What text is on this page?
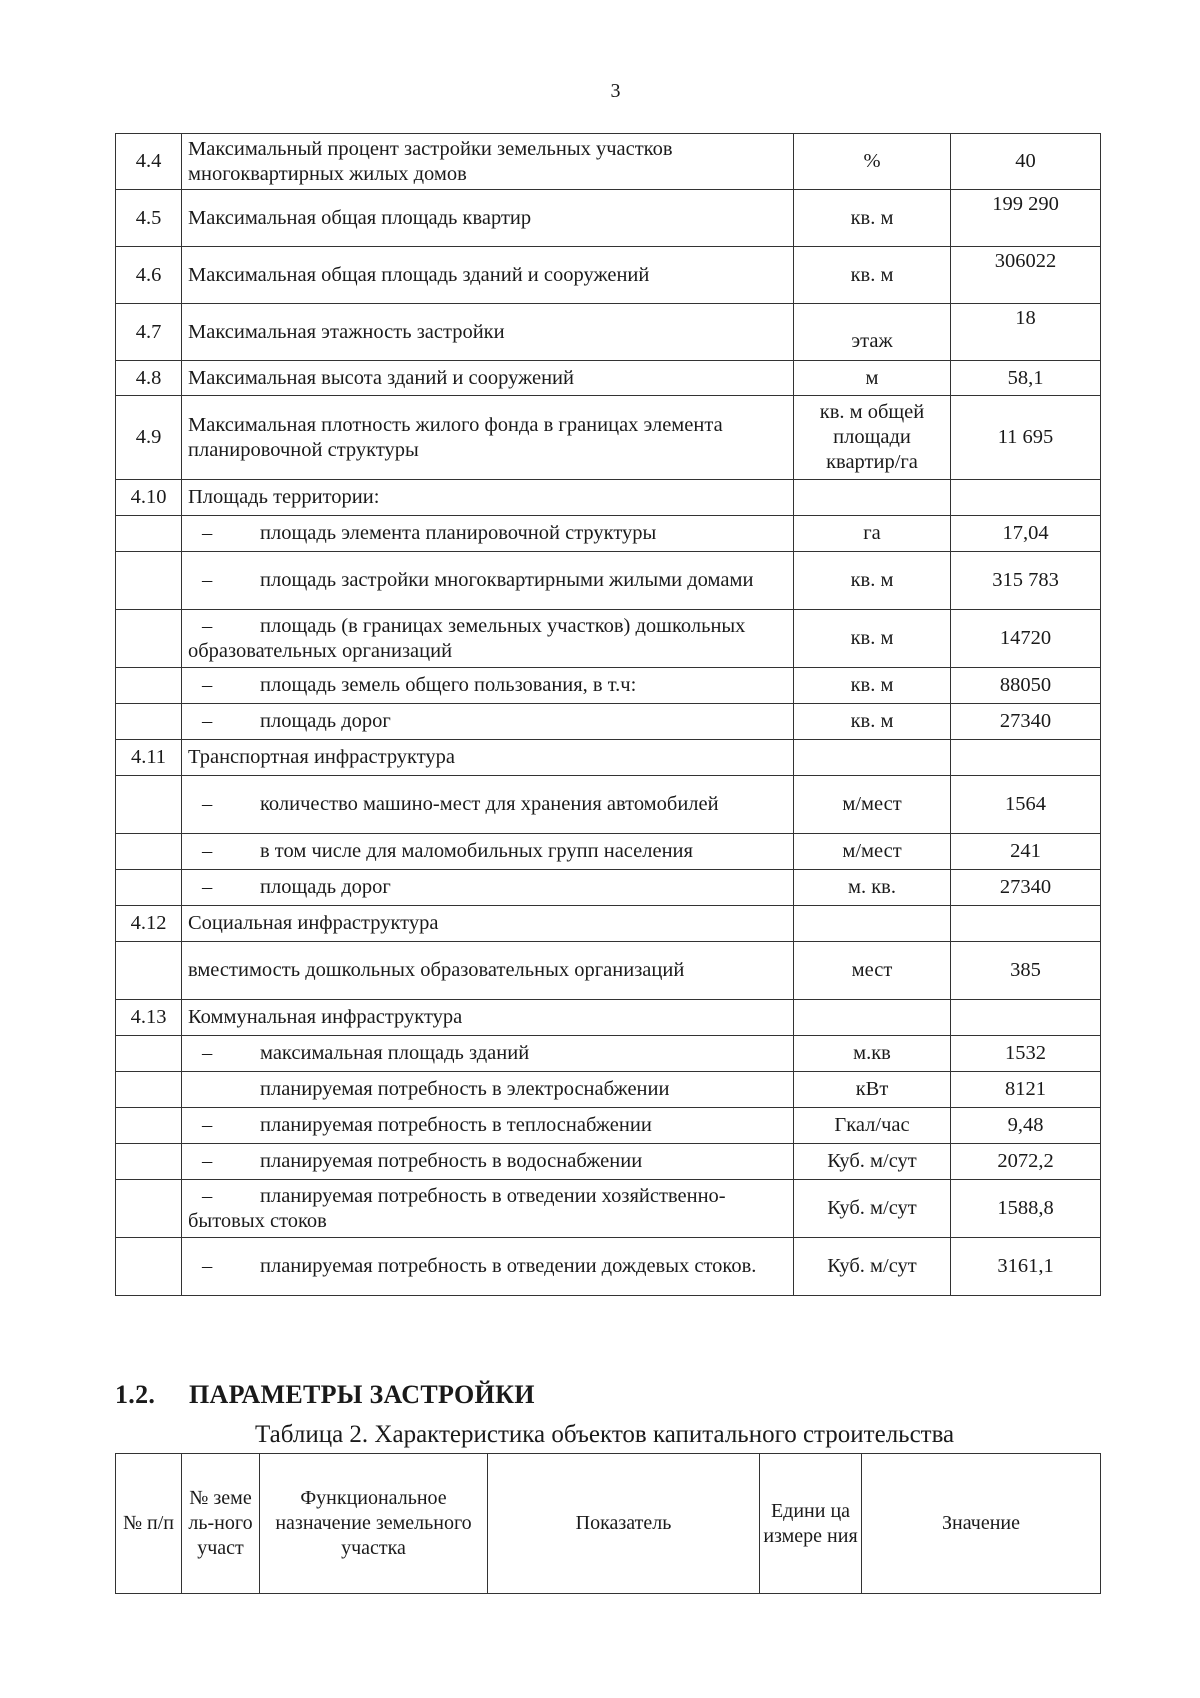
3
4.4	Максимальный процент застройки земельных участков многоквартирных жилых домов	%	40
4.5	Максимальная общая площадь квартир	кв. м	199 290
4.6	Максимальная общая площадь зданий и сооружений	кв. м	306022
4.7	Максимальная этажность застройки	этаж	18
4.8	Максимальная высота зданий и сооружений	м	58,1
4.9	Максимальная плотность жилого фонда в границах элемента планировочной структуры	кв. м общей площади квартир/га	11 695
4.10	Площадь территории:		
	– площадь элемента планировочной структуры	га	17,04
	– площадь застройки многоквартирными жилыми домами	кв. м	315 783
	– площадь (в границах земельных участков) дошкольных образовательных организаций	кв. м	14720
	– площадь земель общего пользования, в т.ч:	кв. м	88050
	– площадь дорог	кв. м	27340
4.11	Транспортная инфраструктура		
	– количество машино-мест для хранения автомобилей	м/мест	1564
	– в том числе для маломобильных групп населения	м/мест	241
	– площадь дорог	м. кв.	27340
4.12	Социальная инфраструктура		
	вместимость дошкольных образовательных организаций	мест	385
4.13	Коммунальная инфраструктура		
	– максимальная площадь зданий	м.кв	1532
	планируемая потребность в электроснабжении	кВт	8121
	– планируемая потребность в теплоснабжении	Гкал/час	9,48
	– планируемая потребность в водоснабжении	Куб. м/сут	2072,2
	– планируемая потребность в отведении хозяйственно-бытовых стоков	Куб. м/сут	1588,8
	– планируемая потребность в отведении дождевых стоков.	Куб. м/сут	3161,1
1.2. ПАРАМЕТРЫ ЗАСТРОЙКИ
Таблица 2. Характеристика объектов капитального строительства
№ п/п	№ земе ль-ного участ	Функциональное назначение земельного участка	Показатель	Едини ца измере ния	Значение
